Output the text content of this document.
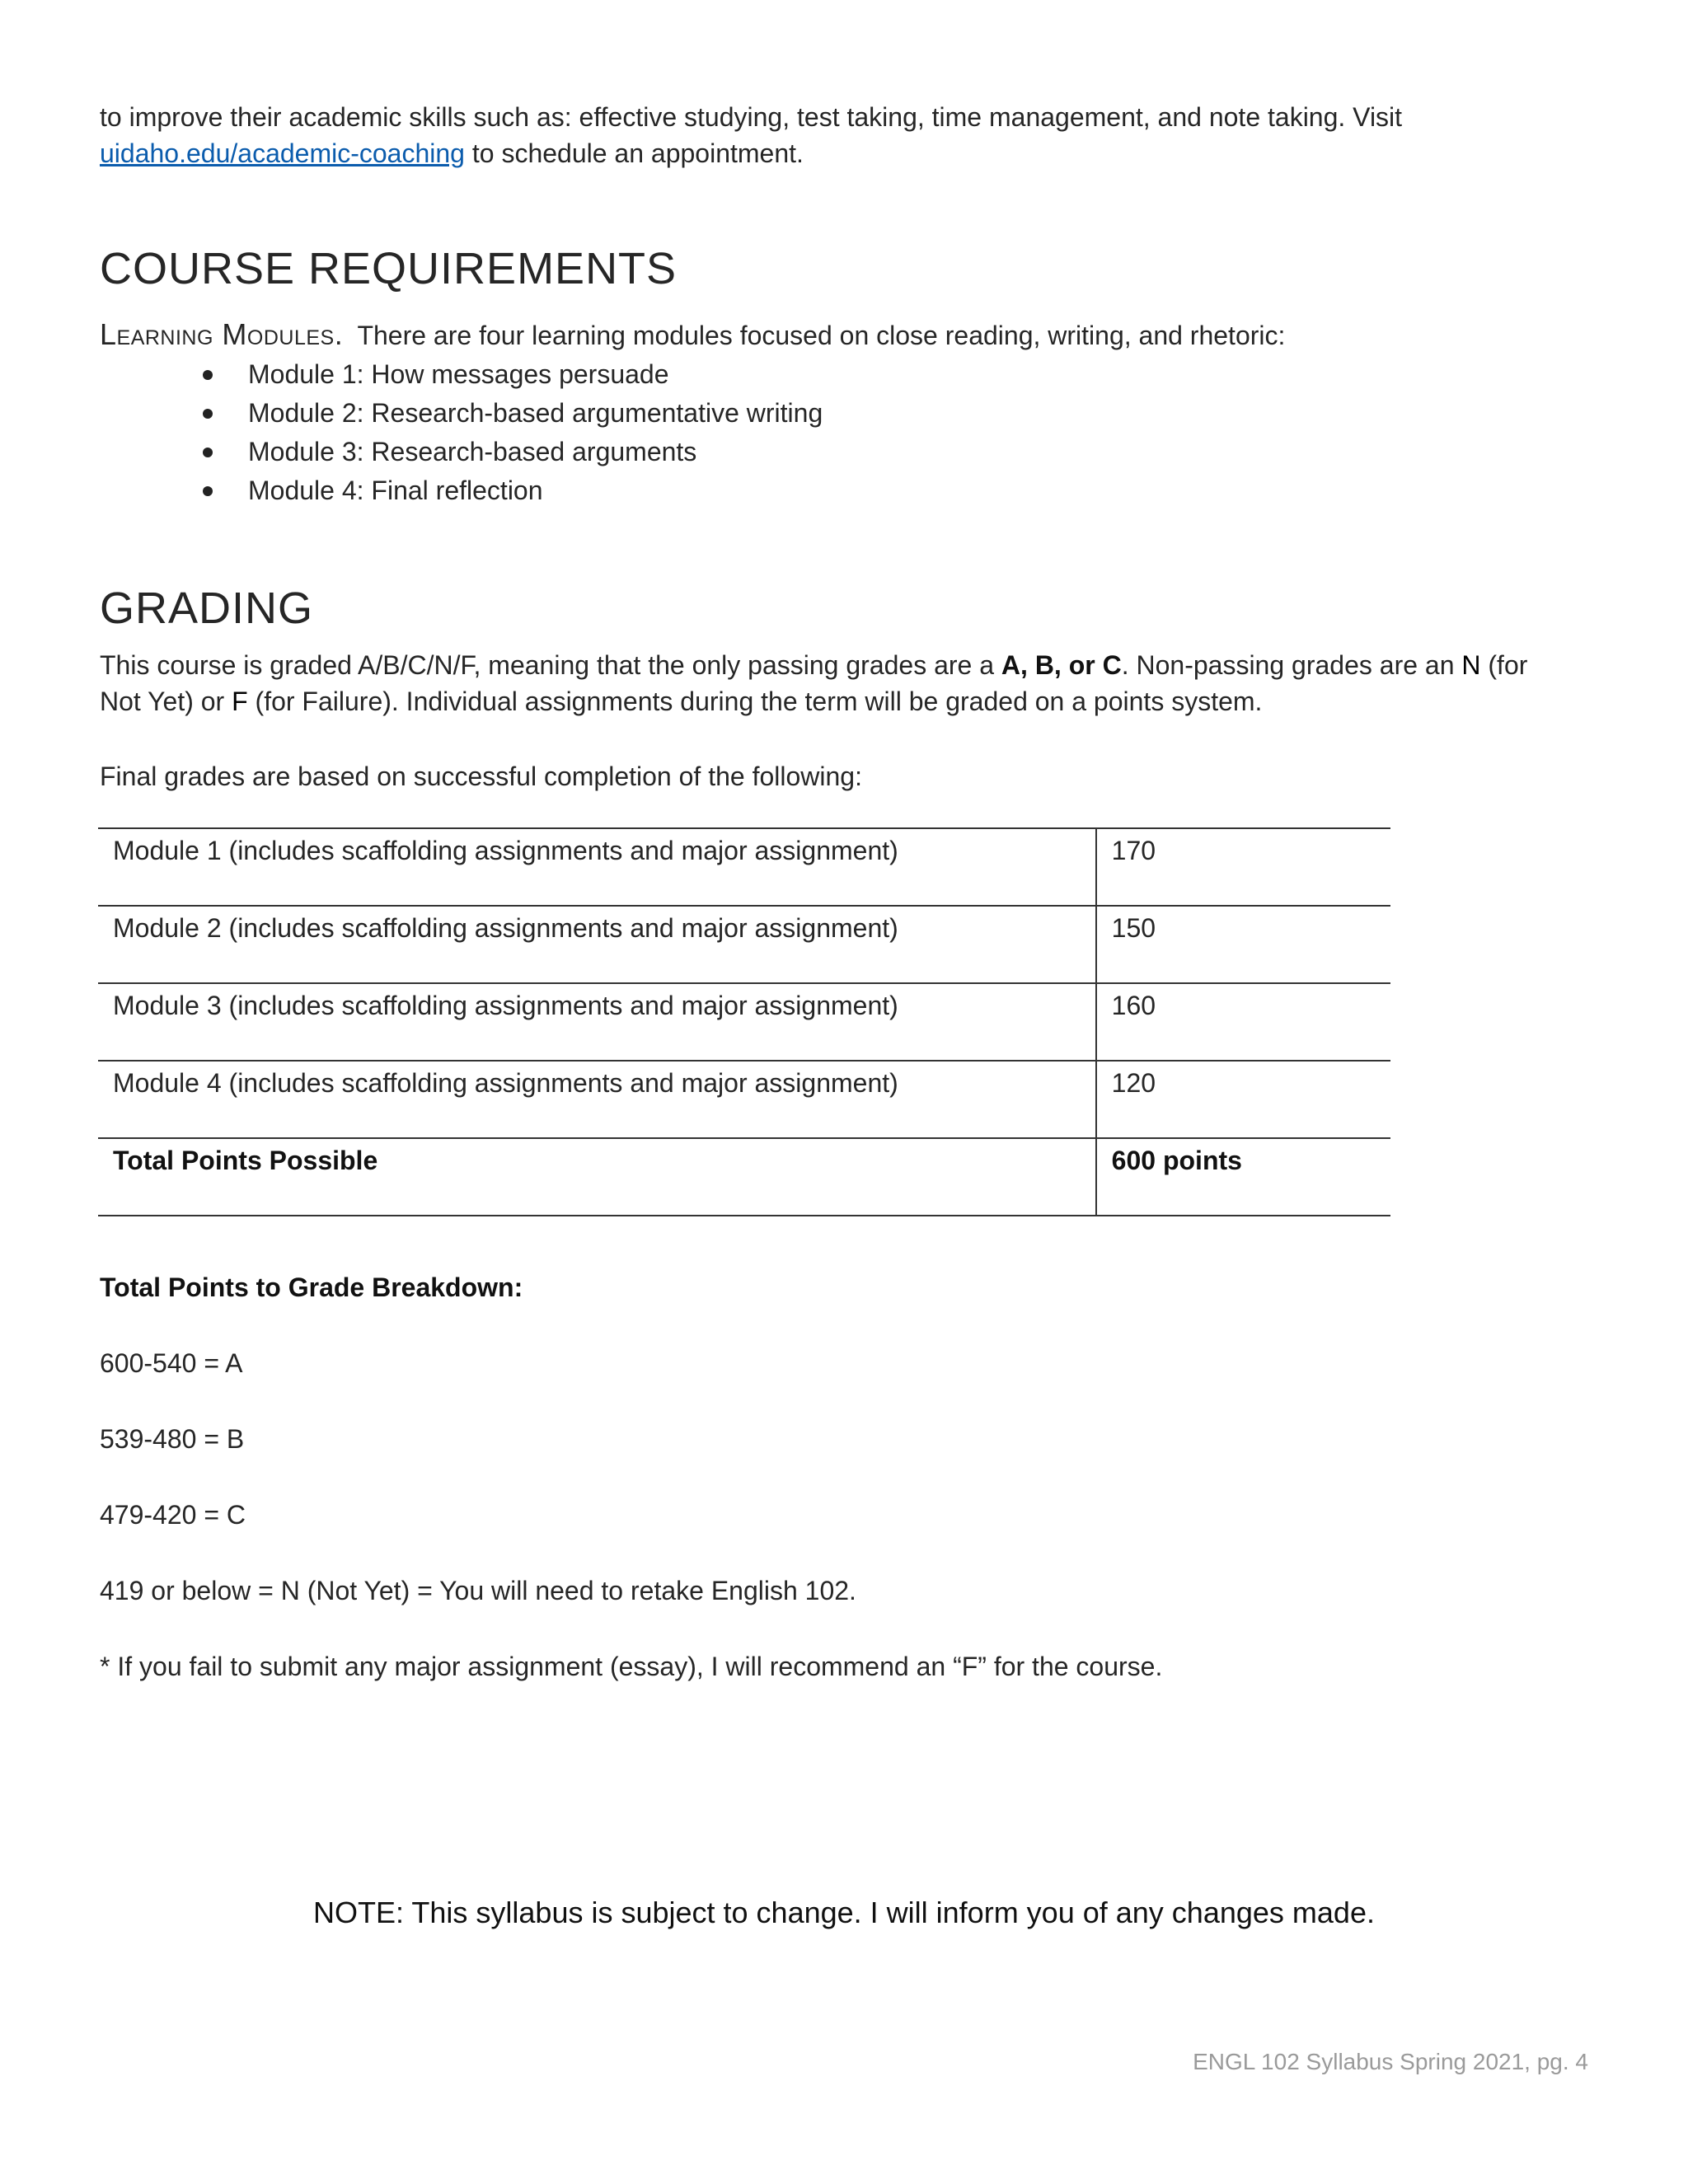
to improve their academic skills such as: effective studying, test taking, time management, and note taking. Visit
uidaho.edu/academic-coaching to schedule an appointment.

COURSE REQUIREMENTS

Learning Modules.  There are four learning modules focused on close reading, writing, and rhetoric:

Module 1: How messages persuade
Module 2: Research-based argumentative writing
Module 3: Research-based arguments
Module 4: Final reflection
GRADING

This course is graded A/B/C/N/F, meaning that the only passing grades are a A, B, or C. Non-passing grades are an N (for Not Yet) or F (for Failure). Individual assignments during the term will be graded on a points system.

Final grades are based on successful completion of the following:

Module 1 (includes scaffolding assignments and major assignment)	170
Module 2 (includes scaffolding assignments and major assignment)	150
Module 3 (includes scaffolding assignments and major assignment)	160
Module 4 (includes scaffolding assignments and major assignment)	120
Total Points Possible	600 points

Total Points to Grade Breakdown:

600-540 = A

539-480 = B

479-420 = C

419 or below = N (Not Yet) = You will need to retake English 102.

* If you fail to submit any major assignment (essay), I will recommend an “F” for the course.

NOTE: This syllabus is subject to change. I will inform you of any changes made.
ENGL 102 Syllabus Spring 2021, pg. 4
